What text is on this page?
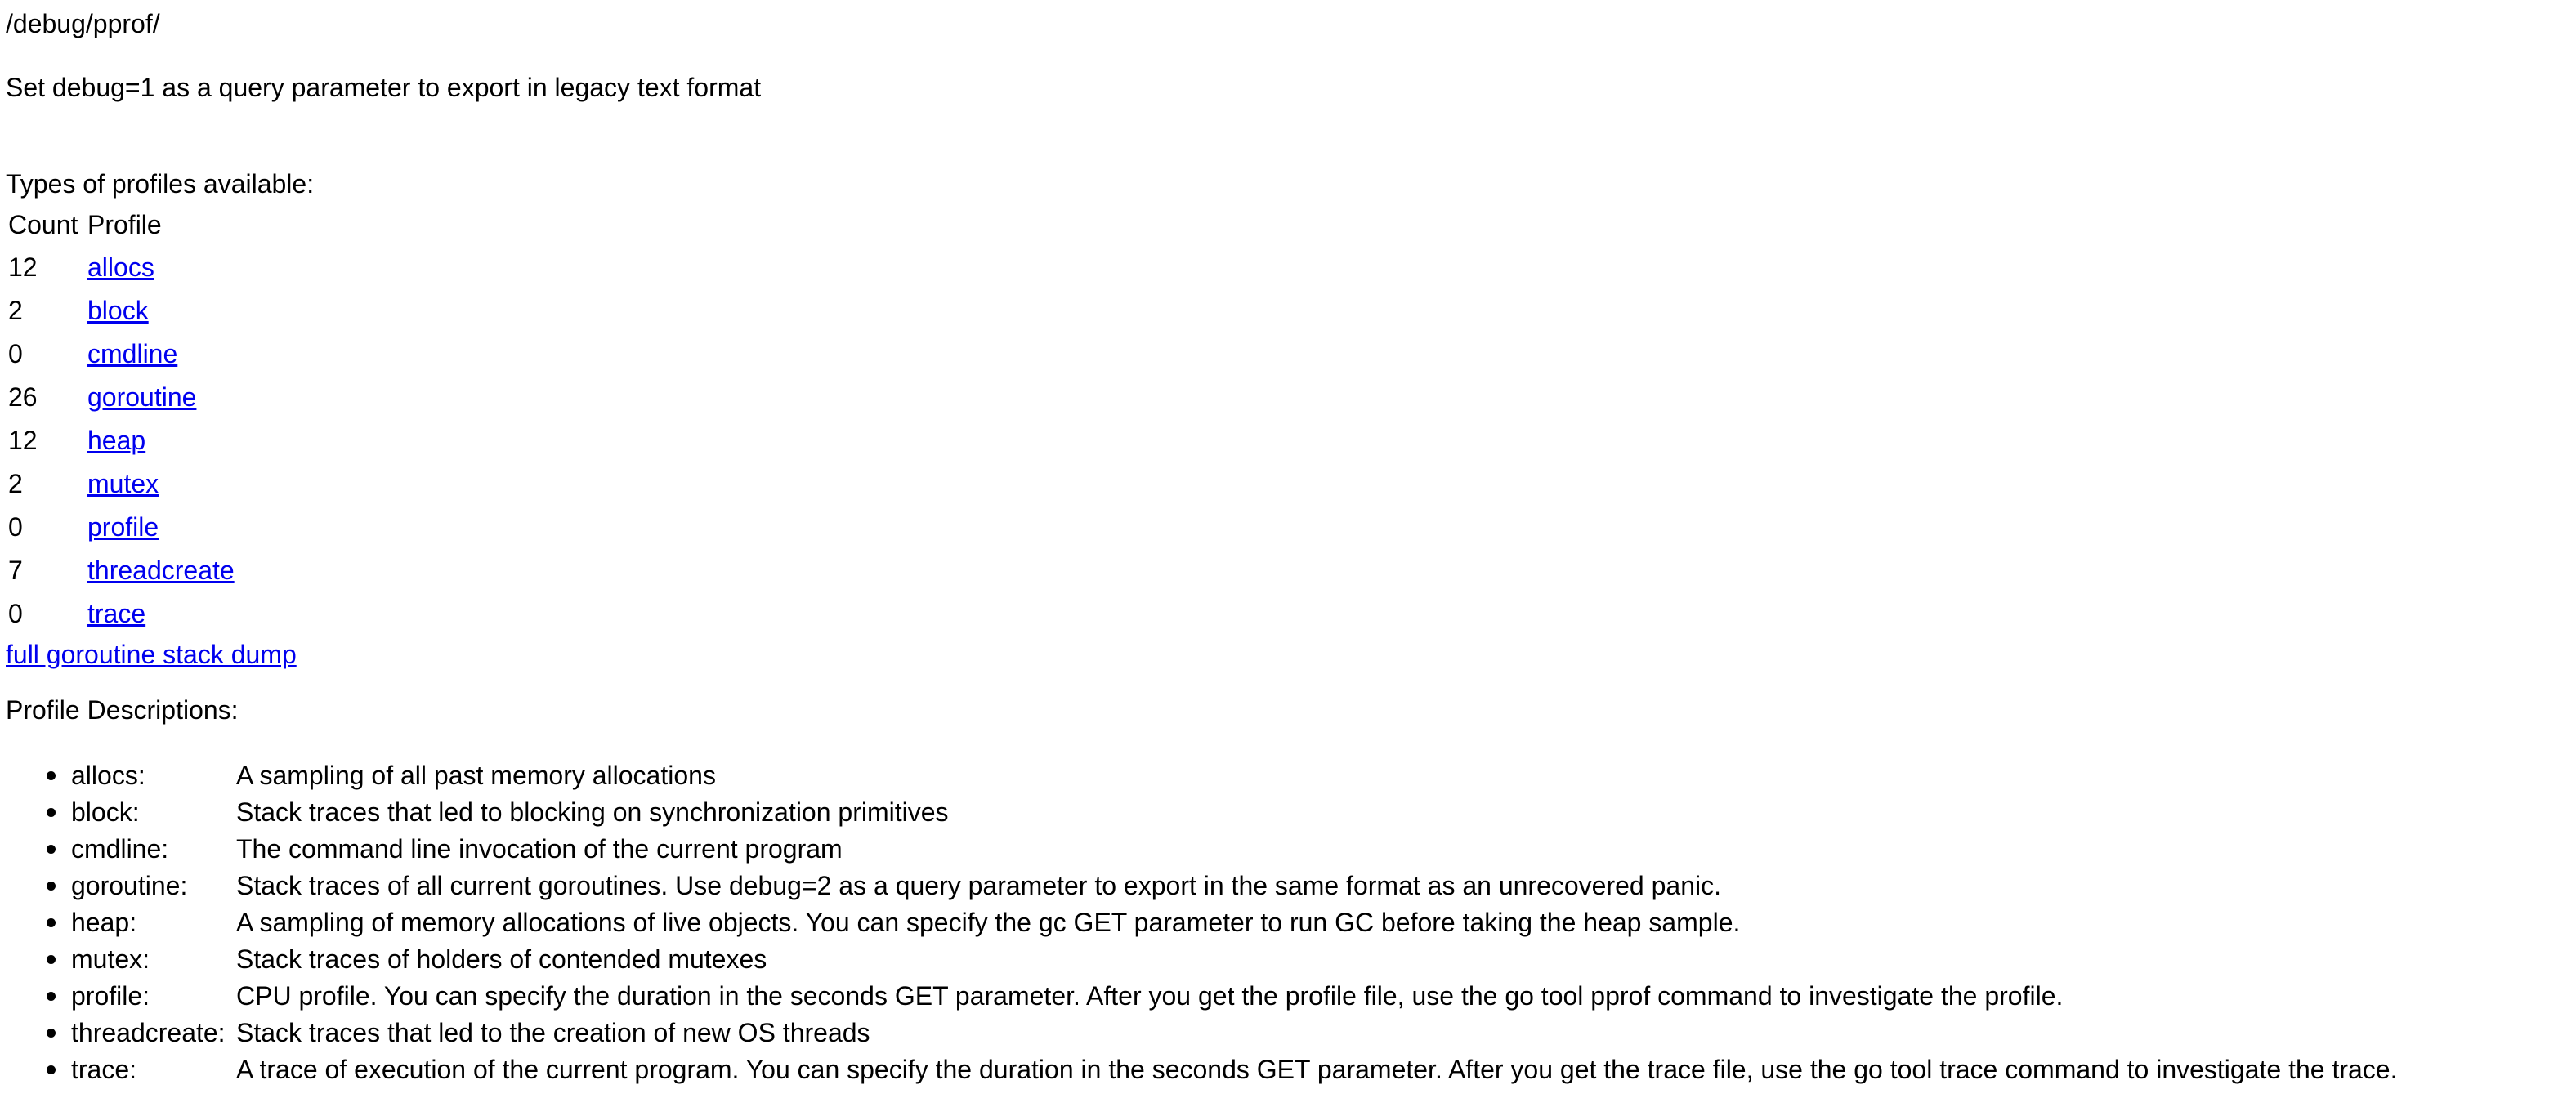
/debug/pprof/
Set debug=1 as a query parameter to export in legacy text format
Types of profiles available:
Count	Profile
12	allocs
2	block
0	cmdline
26	goroutine
12	heap
2	mutex
0	profile
7	threadcreate
0	trace
full goroutine stack dump
Profile Descriptions:
allocs:	A sampling of all past memory allocations
block:	Stack traces that led to blocking on synchronization primitives
cmdline:	The command line invocation of the current program
goroutine:	Stack traces of all current goroutines. Use debug=2 as a query parameter to export in the same format as an unrecovered panic.
heap:	A sampling of memory allocations of live objects. You can specify the gc GET parameter to run GC before taking the heap sample.
mutex:	Stack traces of holders of contended mutexes
profile:	CPU profile. You can specify the duration in the seconds GET parameter. After you get the profile file, use the go tool pprof command to investigate the profile.
threadcreate: Stack traces that led to the creation of new OS threads
trace:	A trace of execution of the current program. You can specify the duration in the seconds GET parameter. After you get the trace file, use the go tool trace command to investigate the trace.
